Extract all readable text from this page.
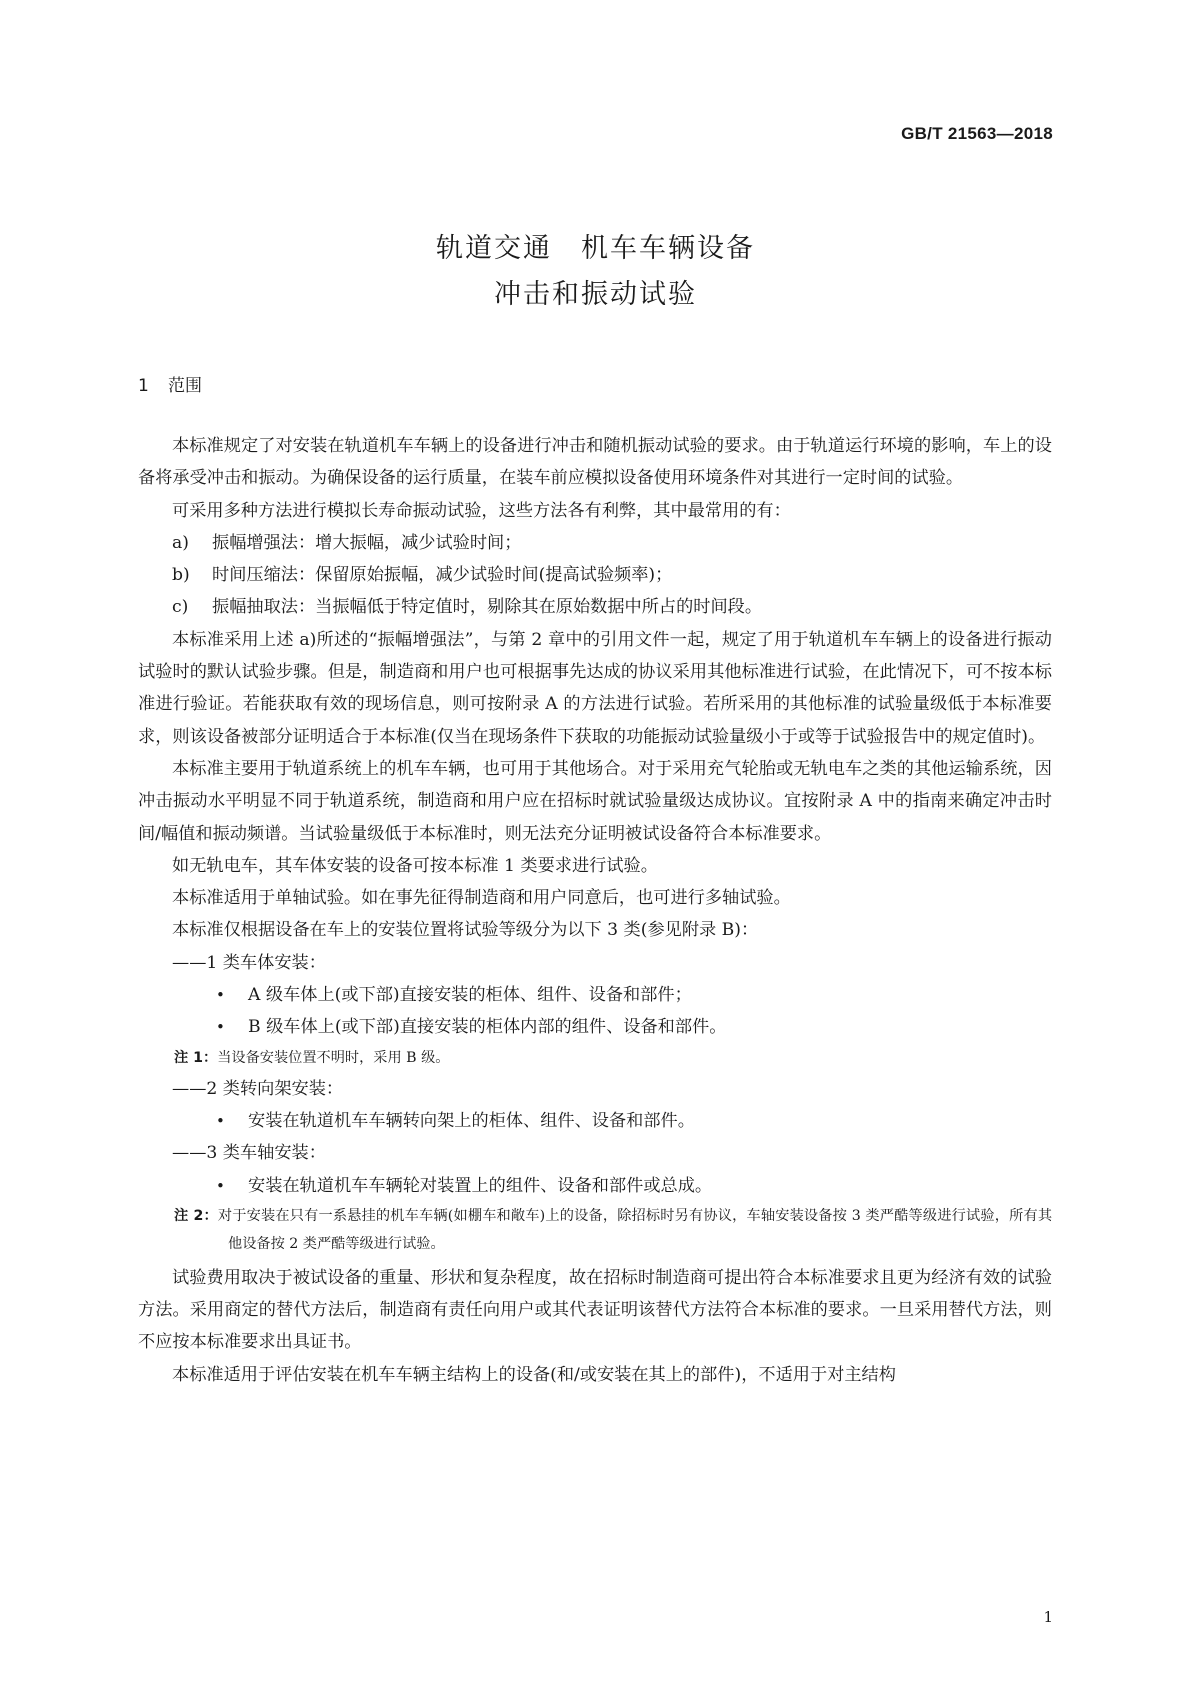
GB/T 21563—2018
轨道交通　机车车辆设备
冲击和振动试验
1 范围

本标准规定了对安装在轨道机车车辆上的设备进行冲击和随机振动试验的要求。由于轨道运行环境的影响，车上的设备将承受冲击和振动。为确保设备的运行质量，在装车前应模拟设备使用环境条件对其进行一定时间的试验。

可采用多种方法进行模拟长寿命振动试验，这些方法各有利弊，其中最常用的有：

a) 振幅增强法：增大振幅，减少试验时间；

b) 时间压缩法：保留原始振幅，减少试验时间(提高试验频率)；

c) 振幅抽取法：当振幅低于特定值时，剔除其在原始数据中所占的时间段。

本标准采用上述 a)所述的“振幅增强法”，与第 2 章中的引用文件一起，规定了用于轨道机车车辆上的设备进行振动试验时的默认试验步骤。但是，制造商和用户也可根据事先达成的协议采用其他标准进行试验，在此情况下，可不按本标准进行验证。若能获取有效的现场信息，则可按附录 A 的方法进行试验。若所采用的其他标准的试验量级低于本标准要求，则该设备被部分证明适合于本标准(仅当在现场条件下获取的功能振动试验量级小于或等于试验报告中的规定值时)。

本标准主要用于轨道系统上的机车车辆，也可用于其他场合。对于采用充气轮胎或无轨电车之类的其他运输系统，因冲击振动水平明显不同于轨道系统，制造商和用户应在招标时就试验量级达成协议。宜按附录 A 中的指南来确定冲击时间/幅值和振动频谱。当试验量级低于本标准时，则无法充分证明被试设备符合本标准要求。

如无轨电车，其车体安装的设备可按本标准 1 类要求进行试验。

本标准适用于单轴试验。如在事先征得制造商和用户同意后，也可进行多轴试验。

本标准仅根据设备在车上的安装位置将试验等级分为以下 3 类(参见附录 B)：

——1 类车体安装：

• A 级车体上(或下部)直接安装的柜体、组件、设备和部件；

• B 级车体上(或下部)直接安装的柜体内部的组件、设备和部件。

注 1：当设备安装位置不明时，采用 B 级。

——2 类转向架安装：

• 安装在轨道机车车辆转向架上的柜体、组件、设备和部件。

——3 类车轴安装：

• 安装在轨道机车车辆轮对装置上的组件、设备和部件或总成。

注 2：对于安装在只有一系悬挂的机车车辆(如棚车和敞车)上的设备，除招标时另有协议，车轴安装设备按 3 类严酷等级进行试验，所有其他设备按 2 类严酷等级进行试验。

试验费用取决于被试设备的重量、形状和复杂程度，故在招标时制造商可提出符合本标准要求且更为经济有效的试验方法。采用商定的替代方法后，制造商有责任向用户或其代表证明该替代方法符合本标准的要求。一旦采用替代方法，则不应按本标准要求出具证书。

本标准适用于评估安装在机车车辆主结构上的设备(和/或安装在其上的部件)，不适用于对主结构

1
